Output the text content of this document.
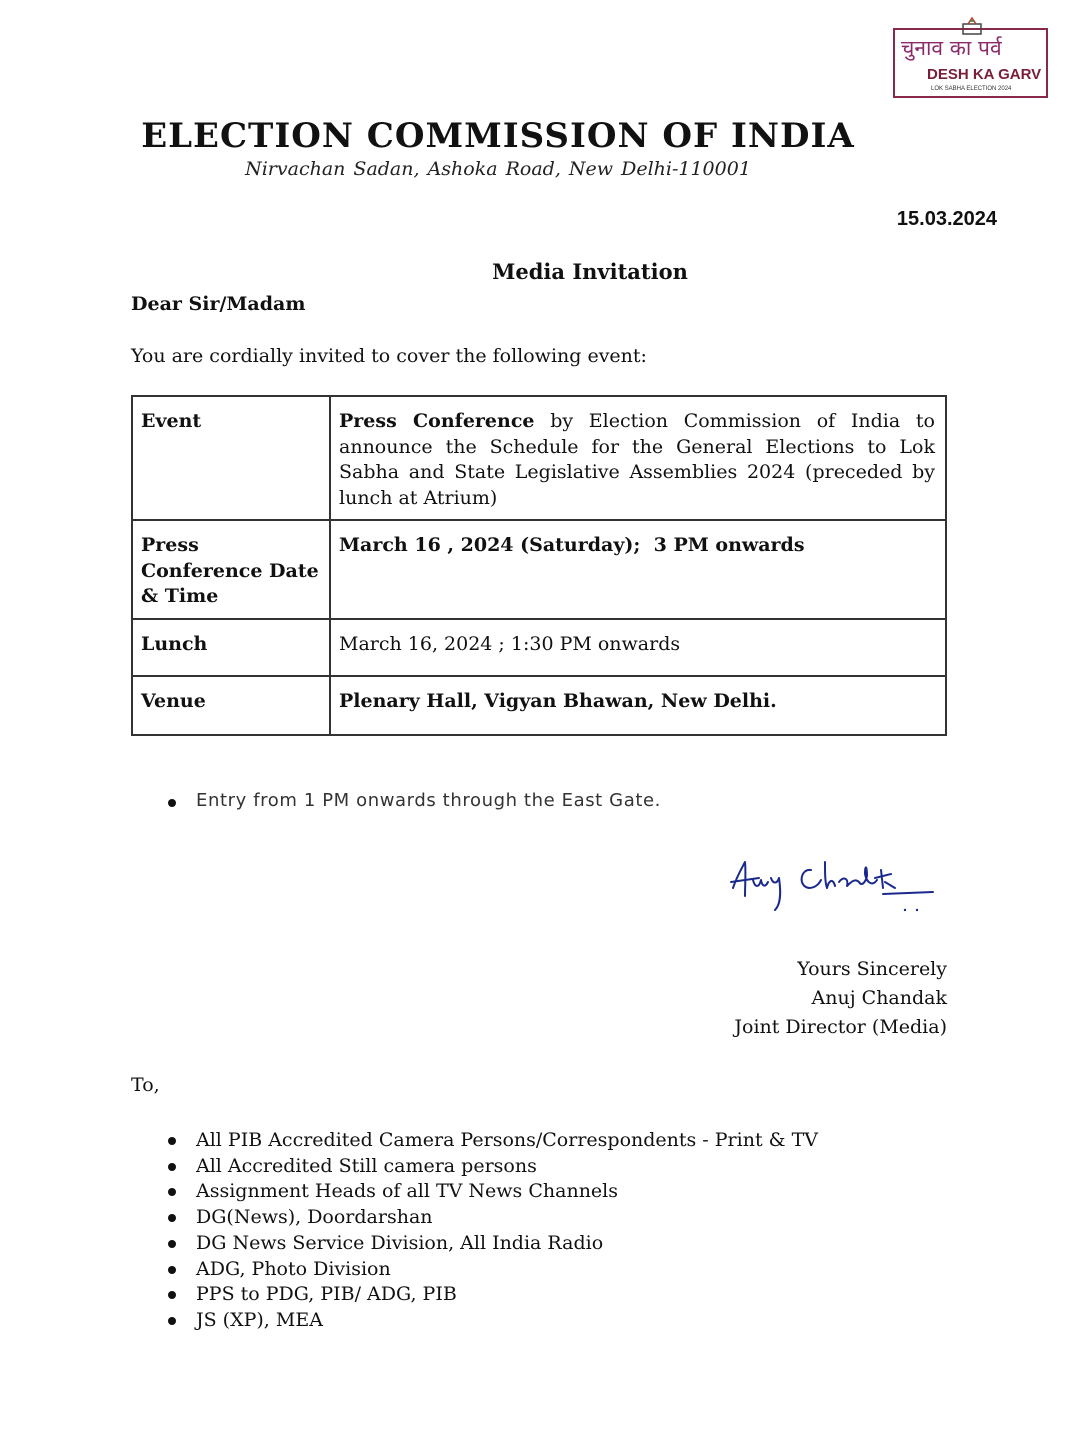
चुनाव का पर्व
DESH KA GARV
LOK SABHA ELECTION 2024
ELECTION COMMISSION OF INDIA
Nirvachan Sadan, Ashoka Road, New Delhi-110001
15.03.2024
Media Invitation
Dear Sir/Madam
You are cordially invited to cover the following event:
Event	Press Conference by Election Commission of India to announce the Schedule for the General Elections to Lok Sabha and State Legislative Assemblies 2024 (preceded by lunch at Atrium)
Press Conference Date & Time	March 16 , 2024 (Saturday);  3 PM onwards
Lunch	March 16, 2024 ; 1:30 PM onwards
Venue	Plenary Hall, Vigyan Bhawan, New Delhi.
Entry from 1 PM onwards through the East Gate.
Yours Sincerely
Anuj Chandak
Joint Director (Media)
To,
All PIB Accredited Camera Persons/Correspondents - Print & TV
All Accredited Still camera persons
Assignment Heads of all TV News Channels
DG(News), Doordarshan
DG News Service Division, All India Radio
ADG, Photo Division
PPS to PDG, PIB/ ADG, PIB
JS (XP), MEA
